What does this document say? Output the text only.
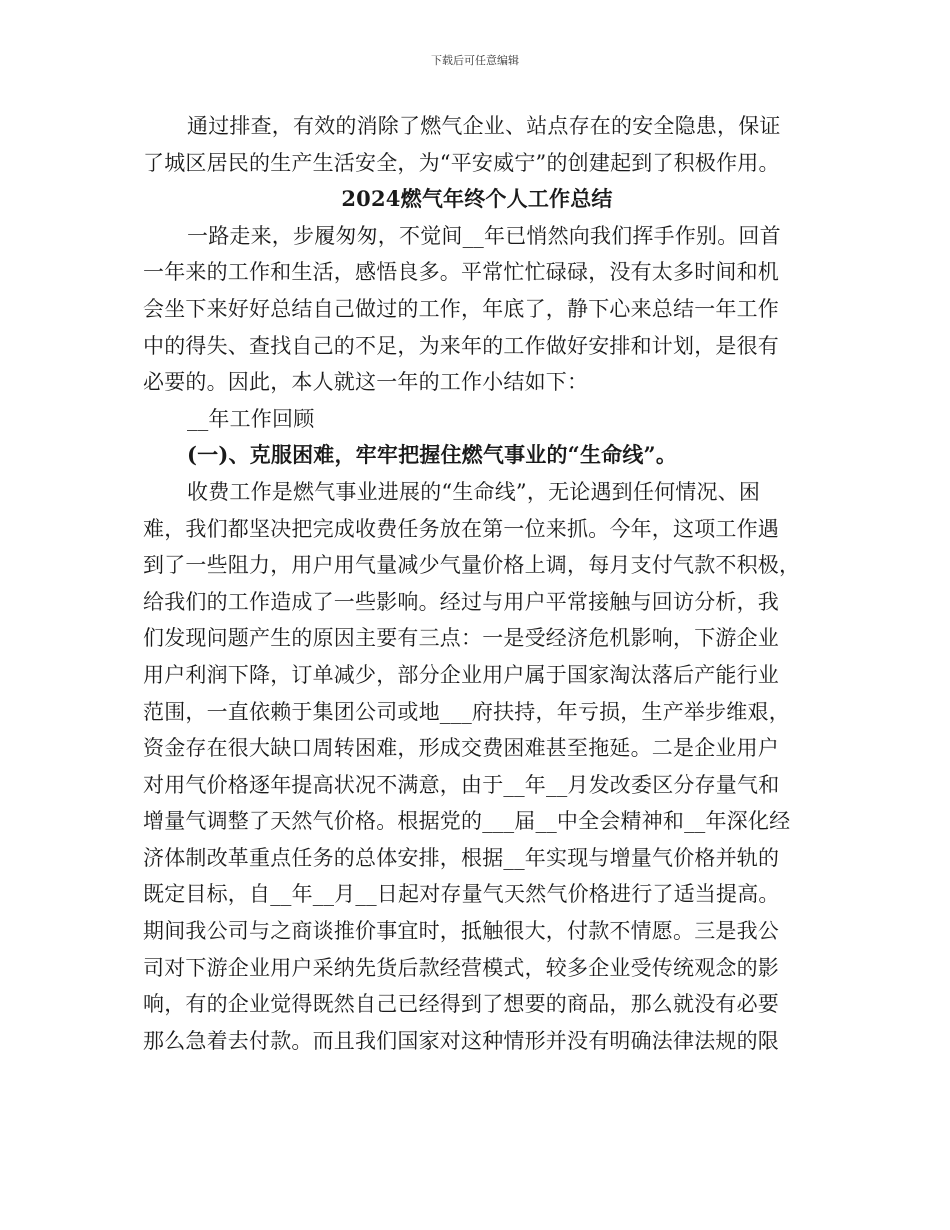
下载后可任意编辑
通过排查，有效的消除了燃气企业、站点存在的安全隐患，保证
了城区居民的生产生活安全，为“平安威宁”的创建起到了积极作用。
2024燃气年终个人工作总结
一路走来，步履匆匆，不觉间__年已悄然向我们挥手作别。回首
一年来的工作和生活，感悟良多。平常忙忙碌碌，没有太多时间和机
会坐下来好好总结自己做过的工作，年底了，静下心来总结一年工作
中的得失、查找自己的不足，为来年的工作做好安排和计划，是很有
必要的。因此，本人就这一年的工作小结如下：
__年工作回顾
(一)、克服困难，牢牢把握住燃气事业的“生命线”。
收费工作是燃气事业进展的“生命线”，无论遇到任何情况、困
难，我们都坚决把完成收费任务放在第一位来抓。今年，这项工作遇
到了一些阻力，用户用气量减少气量价格上调，每月支付气款不积极，
给我们的工作造成了一些影响。经过与用户平常接触与回访分析，我
们发现问题产生的原因主要有三点：一是受经济危机影响，下游企业
用户利润下降，订单减少，部分企业用户属于国家淘汰落后产能行业
范围，一直依赖于集团公司或地___府扶持，年亏损，生产举步维艰，
资金存在很大缺口周转困难，形成交费困难甚至拖延。二是企业用户
对用气价格逐年提高状况不满意，由于__年__月发改委区分存量气和
增量气调整了天然气价格。根据党的___届__中全会精神和__年深化经
济体制改革重点任务的总体安排，根据__年实现与增量气价格并轨的
既定目标，自__年__月__日起对存量气天然气价格进行了适当提高。
期间我公司与之商谈推价事宜时，抵触很大，付款不情愿。三是我公
司对下游企业用户采纳先货后款经营模式，较多企业受传统观念的影
响，有的企业觉得既然自己已经得到了想要的商品，那么就没有必要
那么急着去付款。而且我们国家对这种情形并没有明确法律法规的限
